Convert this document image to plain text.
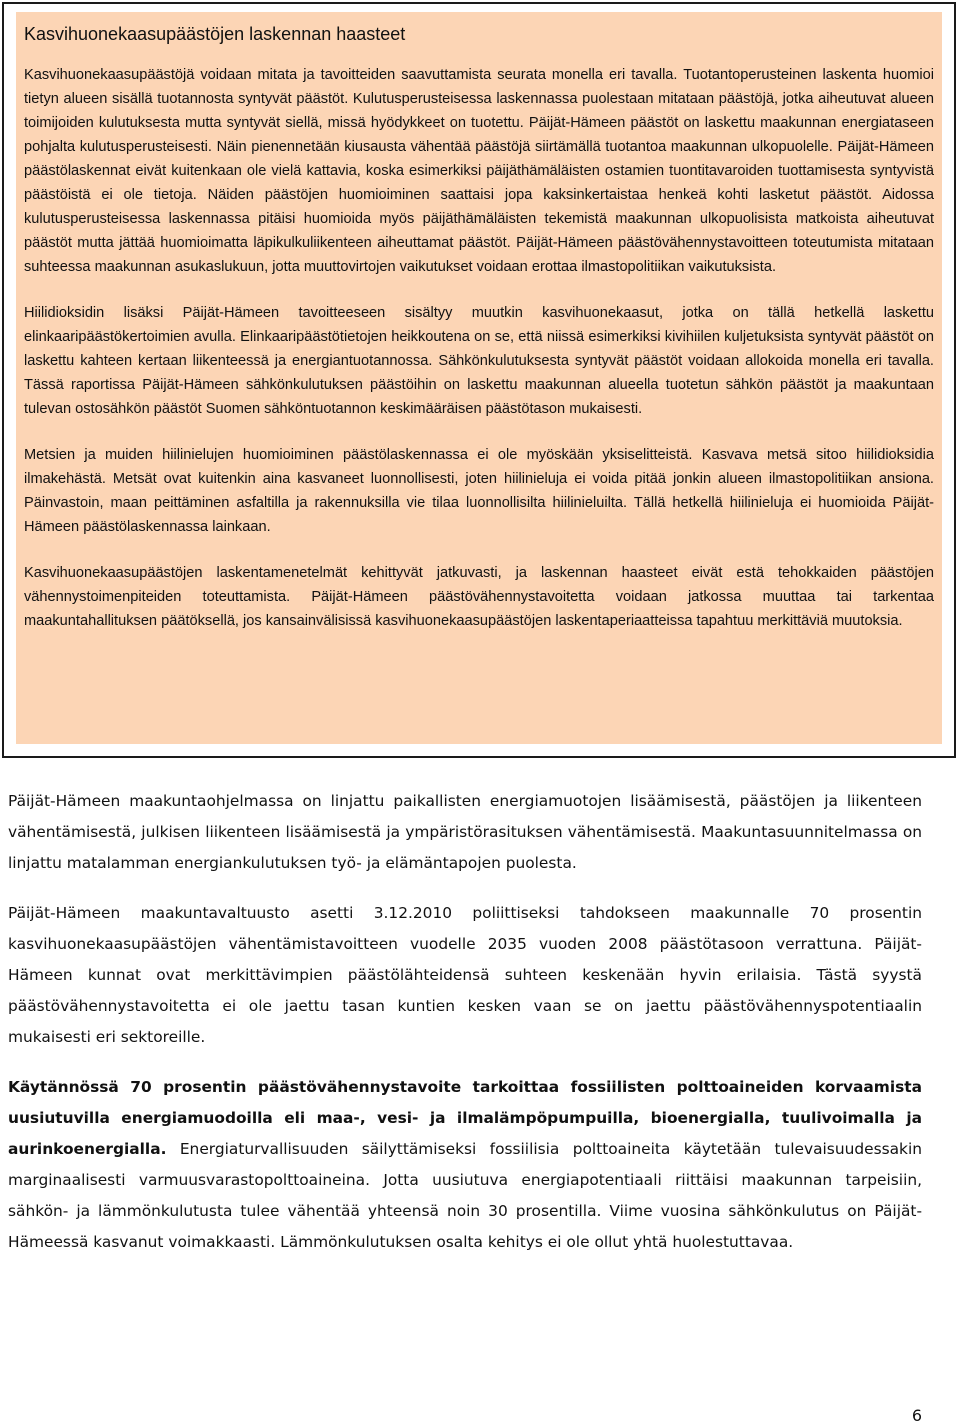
Kasvihuonekaasupäästöjen laskennan haasteet

Kasvihuonekaasupäästöjä voidaan mitata ja tavoitteiden saavuttamista seurata monella eri tavalla. Tuotantoperusteinen laskenta huomioi tietyn alueen sisällä tuotannosta syntyvät päästöt. Kulutusperusteisessa laskennassa puolestaan mitataan päästöjä, jotka aiheutuvat alueen toimijoiden kulutuksesta mutta syntyvät siellä, missä hyödykkeet on tuotettu. Päijät-Hämeen päästöt on laskettu maakunnan energiataseen pohjalta kulutusperusteisesti. Näin pienennetään kiusausta vähentää päästöjä siirtämällä tuotantoa maakunnan ulkopuolelle. Päijät-Hämeen päästölaskennat eivät kuitenkaan ole vielä kattavia, koska esimerkiksi päijäthämäläisten ostamien tuontitavaroiden tuottamisesta syntyvistä päästöistä ei ole tietoja. Näiden päästöjen huomioiminen saattaisi jopa kaksinkertaistaa henkeä kohti lasketut päästöt. Aidossa kulutusperusteisessa laskennassa pitäisi huomioida myös päijäthämäläisten tekemistä maakunnan ulkopuolisista matkoista aiheutuvat päästöt mutta jättää huomioimatta läpikulkuliikenteen aiheuttamat päästöt. Päijät-Hämeen päästövähennystavoitteen toteutumista mitataan suhteessa maakunnan asukaslukuun, jotta muuttovirtojen vaikutukset voidaan erottaa ilmastopolitiikan vaikutuksista.

Hiilidioksidin lisäksi Päijät-Hämeen tavoitteeseen sisältyy muutkin kasvihuonekaasut, jotka on tällä hetkellä laskettu elinkaaripäästökertoimien avulla. Elinkaaripäästötietojen heikkoutena on se, että niissä esimerkiksi kivihiilen kuljetuksista syntyvät päästöt on laskettu kahteen kertaan liikenteessä ja energiantuotannossa. Sähkönkulutuksesta syntyvät päästöt voidaan allokoida monella eri tavalla. Tässä raportissa Päijät-Hämeen sähkönkulutuksen päästöihin on laskettu maakunnan alueella tuotetun sähkön päästöt ja maakuntaan tulevan ostosähkön päästöt Suomen sähköntuotannon keskimääräisen päästötason mukaisesti.

Metsien ja muiden hiilinielujen huomioiminen päästölaskennassa ei ole myöskään yksiselitteistä. Kasvava metsä sitoo hiilidioksidia ilmakehästä. Metsät ovat kuitenkin aina kasvaneet luonnollisesti, joten hiilinieluja ei voida pitää jonkin alueen ilmastopolitiikan ansiona. Päinvastoin, maan peittäminen asfaltilla ja rakennuksilla vie tilaa luonnollisilta hiilinieluilta. Tällä hetkellä hiilinieluja ei huomioida Päijät-Hämeen päästölaskennassa lainkaan.

Kasvihuonekaasupäästöjen laskentamenetelmät kehittyvät jatkuvasti, ja laskennan haasteet eivät estä tehokkaiden päästöjen vähennystoimenpiteiden toteuttamista. Päijät-Hämeen päästövähennystavoitetta voidaan jatkossa muuttaa tai tarkentaa maakuntahallituksen päätöksellä, jos kansainvälisissä kasvihuonekaasupäästöjen laskentaperiaatteissa tapahtuu merkittäviä muutoksia.

Päijät-Hämeen maakuntaohjelmassa on linjattu paikallisten energiamuotojen lisäämisestä, päästöjen ja liikenteen vähentämisestä, julkisen liikenteen lisäämisestä ja ympäristörasituksen vähentämisestä. Maakuntasuunnitelmassa on linjattu matalamman energiankulutuksen työ- ja elämäntapojen puolesta.

Päijät-Hämeen maakuntavaltuusto asetti 3.12.2010 poliittiseksi tahdokseen maakunnalle 70 prosentin kasvihuonekaasupäästöjen vähentämistavoitteen vuodelle 2035 vuoden 2008 päästötasoon verrattuna. Päijät-Hämeen kunnat ovat merkittävimpien päästölähteidensä suhteen keskenään hyvin erilaisia. Tästä syystä päästövähennystavoitetta ei ole jaettu tasan kuntien kesken vaan se on jaettu päästövähennyspotentiaalin mukaisesti eri sektoreille.

Käytännössä 70 prosentin päästövähennystavoite tarkoittaa fossiilisten polttoaineiden korvaamista uusiutuvilla energiamuodoilla eli maa-, vesi- ja ilmalämpöpumpuilla, bioenergialla, tuulivoimalla ja aurinkoenergialla. Energiaturvallisuuden säilyttämiseksi fossiilisia polttoaineita käytetään tulevaisuudessakin marginaalisesti varmuusvarastopolttoaineina. Jotta uusiutuva energiapotentiaali riittäisi maakunnan tarpeisiin, sähkön- ja lämmönkulutusta tulee vähentää yhteensä noin 30 prosentilla. Viime vuosina sähkönkulutus on Päijät-Hämeessä kasvanut voimakkaasti. Lämmönkulutuksen osalta kehitys ei ole ollut yhtä huolestuttavaa.

6
